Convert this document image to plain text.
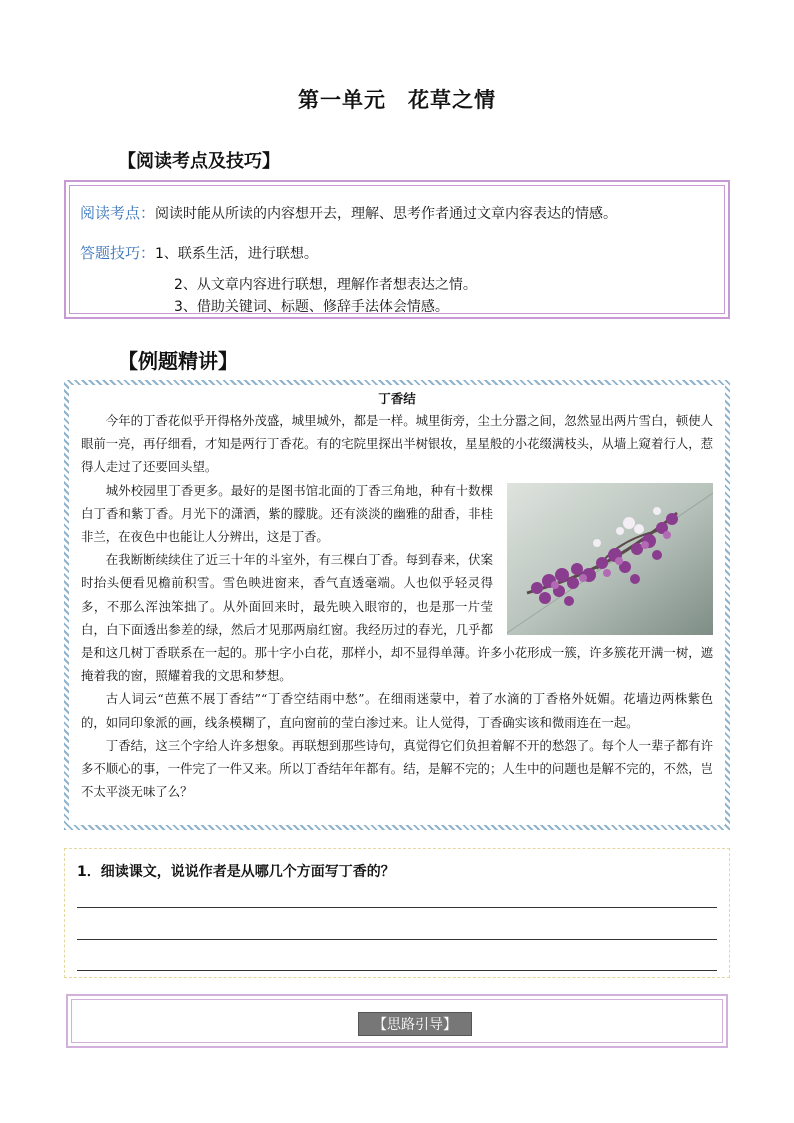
第一单元　花草之情
【阅读考点及技巧】
阅读考点：阅读时能从所读的内容想开去，理解、思考作者通过文章内容表达的情感。
答题技巧：1、联系生活，进行联想。
2、从文章内容进行联想，理解作者想表达之情。
3、借助关键词、标题、修辞手法体会情感。
【例题精讲】
丁香结

今年的丁香花似乎开得格外茂盛，城里城外，都是一样。城里街旁，尘土分嚣之间，忽然显出两片雪白，顿使人眼前一亮，再仔细看，才知是两行丁香花。有的宅院里探出半树银妆，星星般的小花缀满枝头，从墙上窥着行人，惹得人走过了还要回头望。

城外校园里丁香更多。最好的是图书馆北面的丁香三角地，种有十数棵白丁香和紫丁香。月光下的潇洒，紫的朦胧。还有淡淡的幽雅的甜香，非桂非兰，在夜色中也能让人分辨出，这是丁香。

在我断断续续住了近三十年的斗室外，有三棵白丁香。每到春来，伏案时抬头便看见檐前积雪。雪色映进窗来，香气直透毫端。人也似乎轻灵得多，不那么浑浊笨拙了。从外面回来时，最先映入眼帘的，也是那一片莹白，白下面透出参差的绿，然后才见那两扇红窗。我经历过的春光，几乎都是和这几树丁香联系在一起的。那十字小白花，那样小，却不显得单薄。许多小花形成一簇，许多簇花开满一树，遮掩着我的窗，照耀着我的文思和梦想。

古人词云“芭蕉不展丁香结”“丁香空结雨中愁”。在细雨迷蒙中，着了水滴的丁香格外妩媚。花墙边两株紫色的，如同印象派的画，线条模糊了，直向窗前的莹白渗过来。让人觉得，丁香确实该和微雨连在一起。

丁香结，这三个字给人许多想象。再联想到那些诗句，真觉得它们负担着解不开的愁怨了。每个人一辈子都有许多不顺心的事，一件完了一件又来。所以丁香结年年都有。结，是解不完的；人生中的问题也是解不完的，不然，岂不太平淡无味了么？

1．细读课文，说说作者是从哪几个方面写丁香的？
【思路引导】
